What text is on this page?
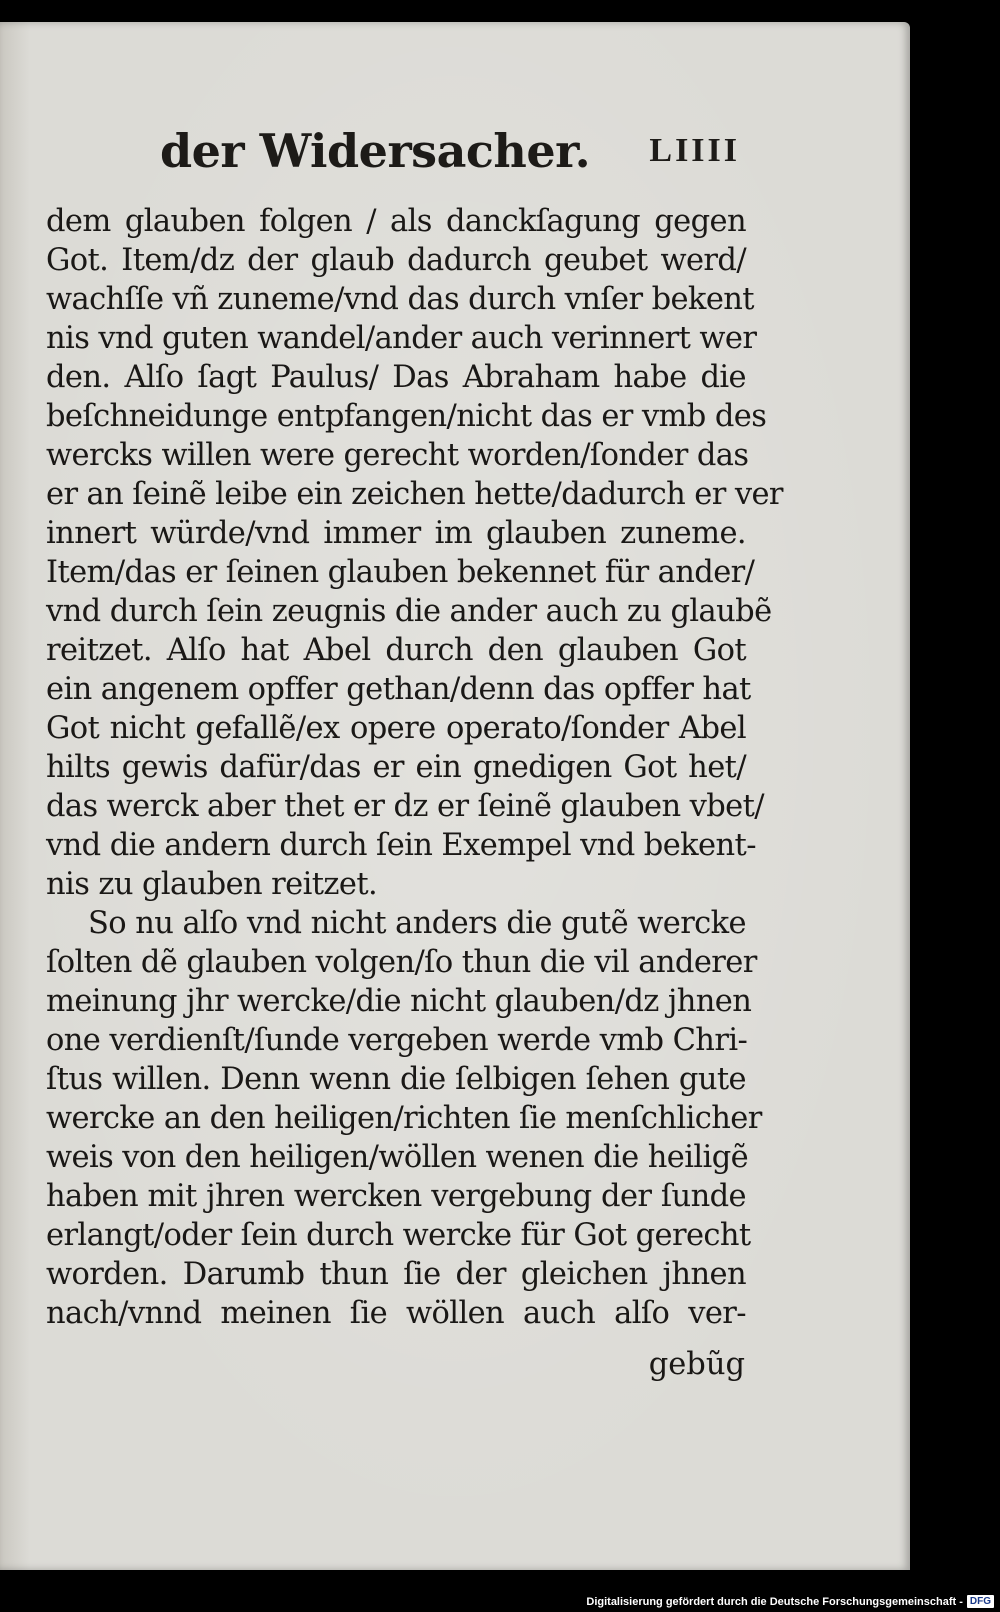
der Widersacher. LIIII
dem glauben folgen / als danckſagung gegen
Got. Item/dz der glaub dadurch geubet werd/
wachſſe vñ zuneme/vnd das durch vnſer bekent
nis vnd guten wandel/ander auch verinnert wer
den. Alſo ſagt Paulus/ Das Abraham habe die
beſchneidunge entpfangen/nicht das er vmb des
wercks willen were gerecht worden/ſonder das
er an ſeinẽ leibe ein zeichen hette/dadurch er ver
innert würde/vnd immer im glauben zuneme.
Item/das er ſeinen glauben bekennet für ander/
vnd durch ſein zeugnis die ander auch zu glaubẽ
reitzet. Alſo hat Abel durch den glauben Got
ein angenem opffer gethan/denn das opffer hat
Got nicht gefallẽ/ex opere operato/ſonder Abel
hilts gewis dafür/das er ein gnedigen Got het/
das werck aber thet er dz er ſeinẽ glauben vbet/
vnd die andern durch ſein Exempel vnd bekent-
nis zu glauben reitzet.
So nu alſo vnd nicht anders die gutẽ wercke
ſolten dẽ glauben volgen/ſo thun die vil anderer
meinung jhr wercke/die nicht glauben/dz jhnen
one verdienſt/ſunde vergeben werde vmb Chri-
ſtus willen. Denn wenn die ſelbigen ſehen gute
wercke an den heiligen/richten ſie menſchlicher
weis von den heiligen/wöllen wenen die heiligẽ
haben mit jhren wercken vergebung der ſunde
erlangt/oder ſein durch wercke für Got gerecht
worden. Darumb thun ſie der gleichen jhnen
nach/vnnd meinen ſie wöllen auch alſo ver-
gebũg
Digitalisierung gefördert durch die Deutsche Forschungsgemeinschaft - DFG
